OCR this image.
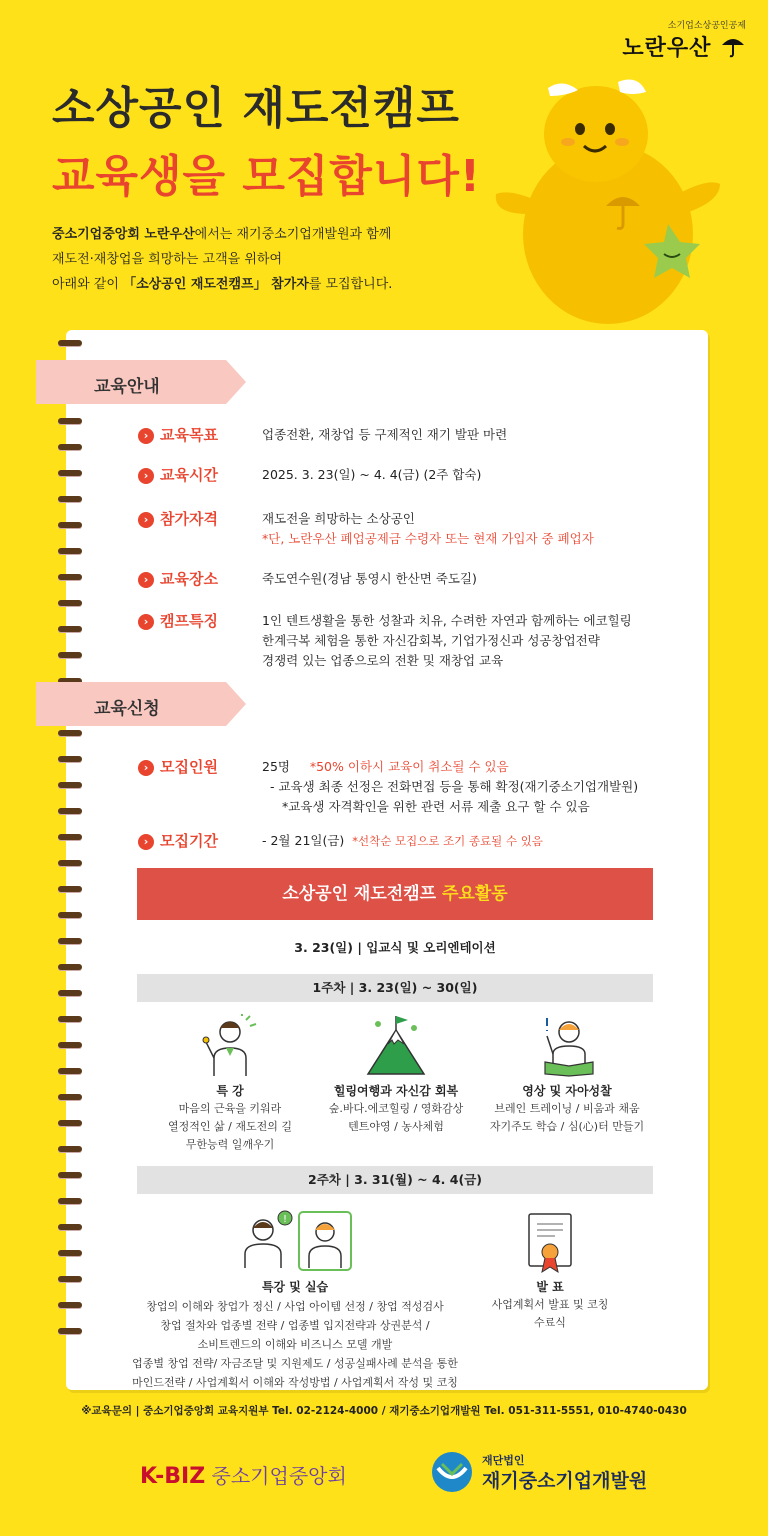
소기업소상공인공제
노란우산
소상공인 재도전캠프
교육생을 모집합니다!
중소기업중앙회 노란우산에서는 재기중소기업개발원과 함께
재도전·재창업을 희망하는 고객을 위하여
아래와 같이 「소상공인 재도전캠프」 참가자를 모집합니다.
교육안내
› 교육목표	업종전환, 재창업 등 구제적인 재기 발판 마련
› 교육시간	2025. 3. 23(일) ~ 4. 4(금) (2주 합숙)
› 참가자격	재도전을 희망하는 소상공인
*단, 노란우산 폐업공제금 수령자 또는 현재 가입자 중 폐업자
› 교육장소	죽도연수원(경남 통영시 한산면 죽도길)
› 캠프특징	1인 텐트생활을 통한 성찰과 치유, 수려한 자연과 함께하는 에코힐링
한계극복 체험을 통한 자신감회복, 기업가정신과 성공창업전략
경쟁력 있는 업종으로의 전환 및 재창업 교육
교육신청
› 모집인원	25명 *50% 이하시 교육이 취소될 수 있음
- 교육생 최종 선정은 전화면접 등을 통해 확정(재기중소기업개발원)
*교육생 자격확인을 위한 관련 서류 제출 요구 할 수 있음
› 모집기간	- 2월 21일(금) *선착순 모집으로 조기 종료될 수 있음
소상공인 재도전캠프 주요활동
3. 23(일) | 입교식 및 오리엔테이션
1주차 | 3. 23(일) ~ 30(일)
특 강
마음의 근육을 키워라
열정적인 삶 / 재도전의 길
무한능력 일깨우기
힐링여행과 자신감 회복
숲.바다.에코힐링 / 영화감상
텐트야영 / 농사체험
영상 및 자아성찰
브레인 트레이닝 / 비움과 채움
자기주도 학습 / 심(心)터 만들기
2주차 | 3. 31(월) ~ 4. 4(금)
!
특강 및 실습
창업의 이해와 창업가 정신 / 사업 아이템 선정 / 창업 적성검사
창업 절차와 업종별 전략 / 업종별 입지전략과 상권분석 /
소비트렌드의 이해와 비즈니스 모델 개발
업종별 창업 전략/ 자금조달 및 지원제도 / 성공실패사례 분석을 통한
마인드전략 / 사업계획서 이해와 작성방법 / 사업계획서 작성 및 코칭
발 표
사업계획서 발표 및 코칭
수료식
※교육문의 | 중소기업중앙회 교육지원부 Tel. 02-2124-4000 / 재기중소기업개발원 Tel. 051-311-5551, 010-4740-0430
K-BIZ 중소기업중앙회
재단법인
재기중소기업개발원
